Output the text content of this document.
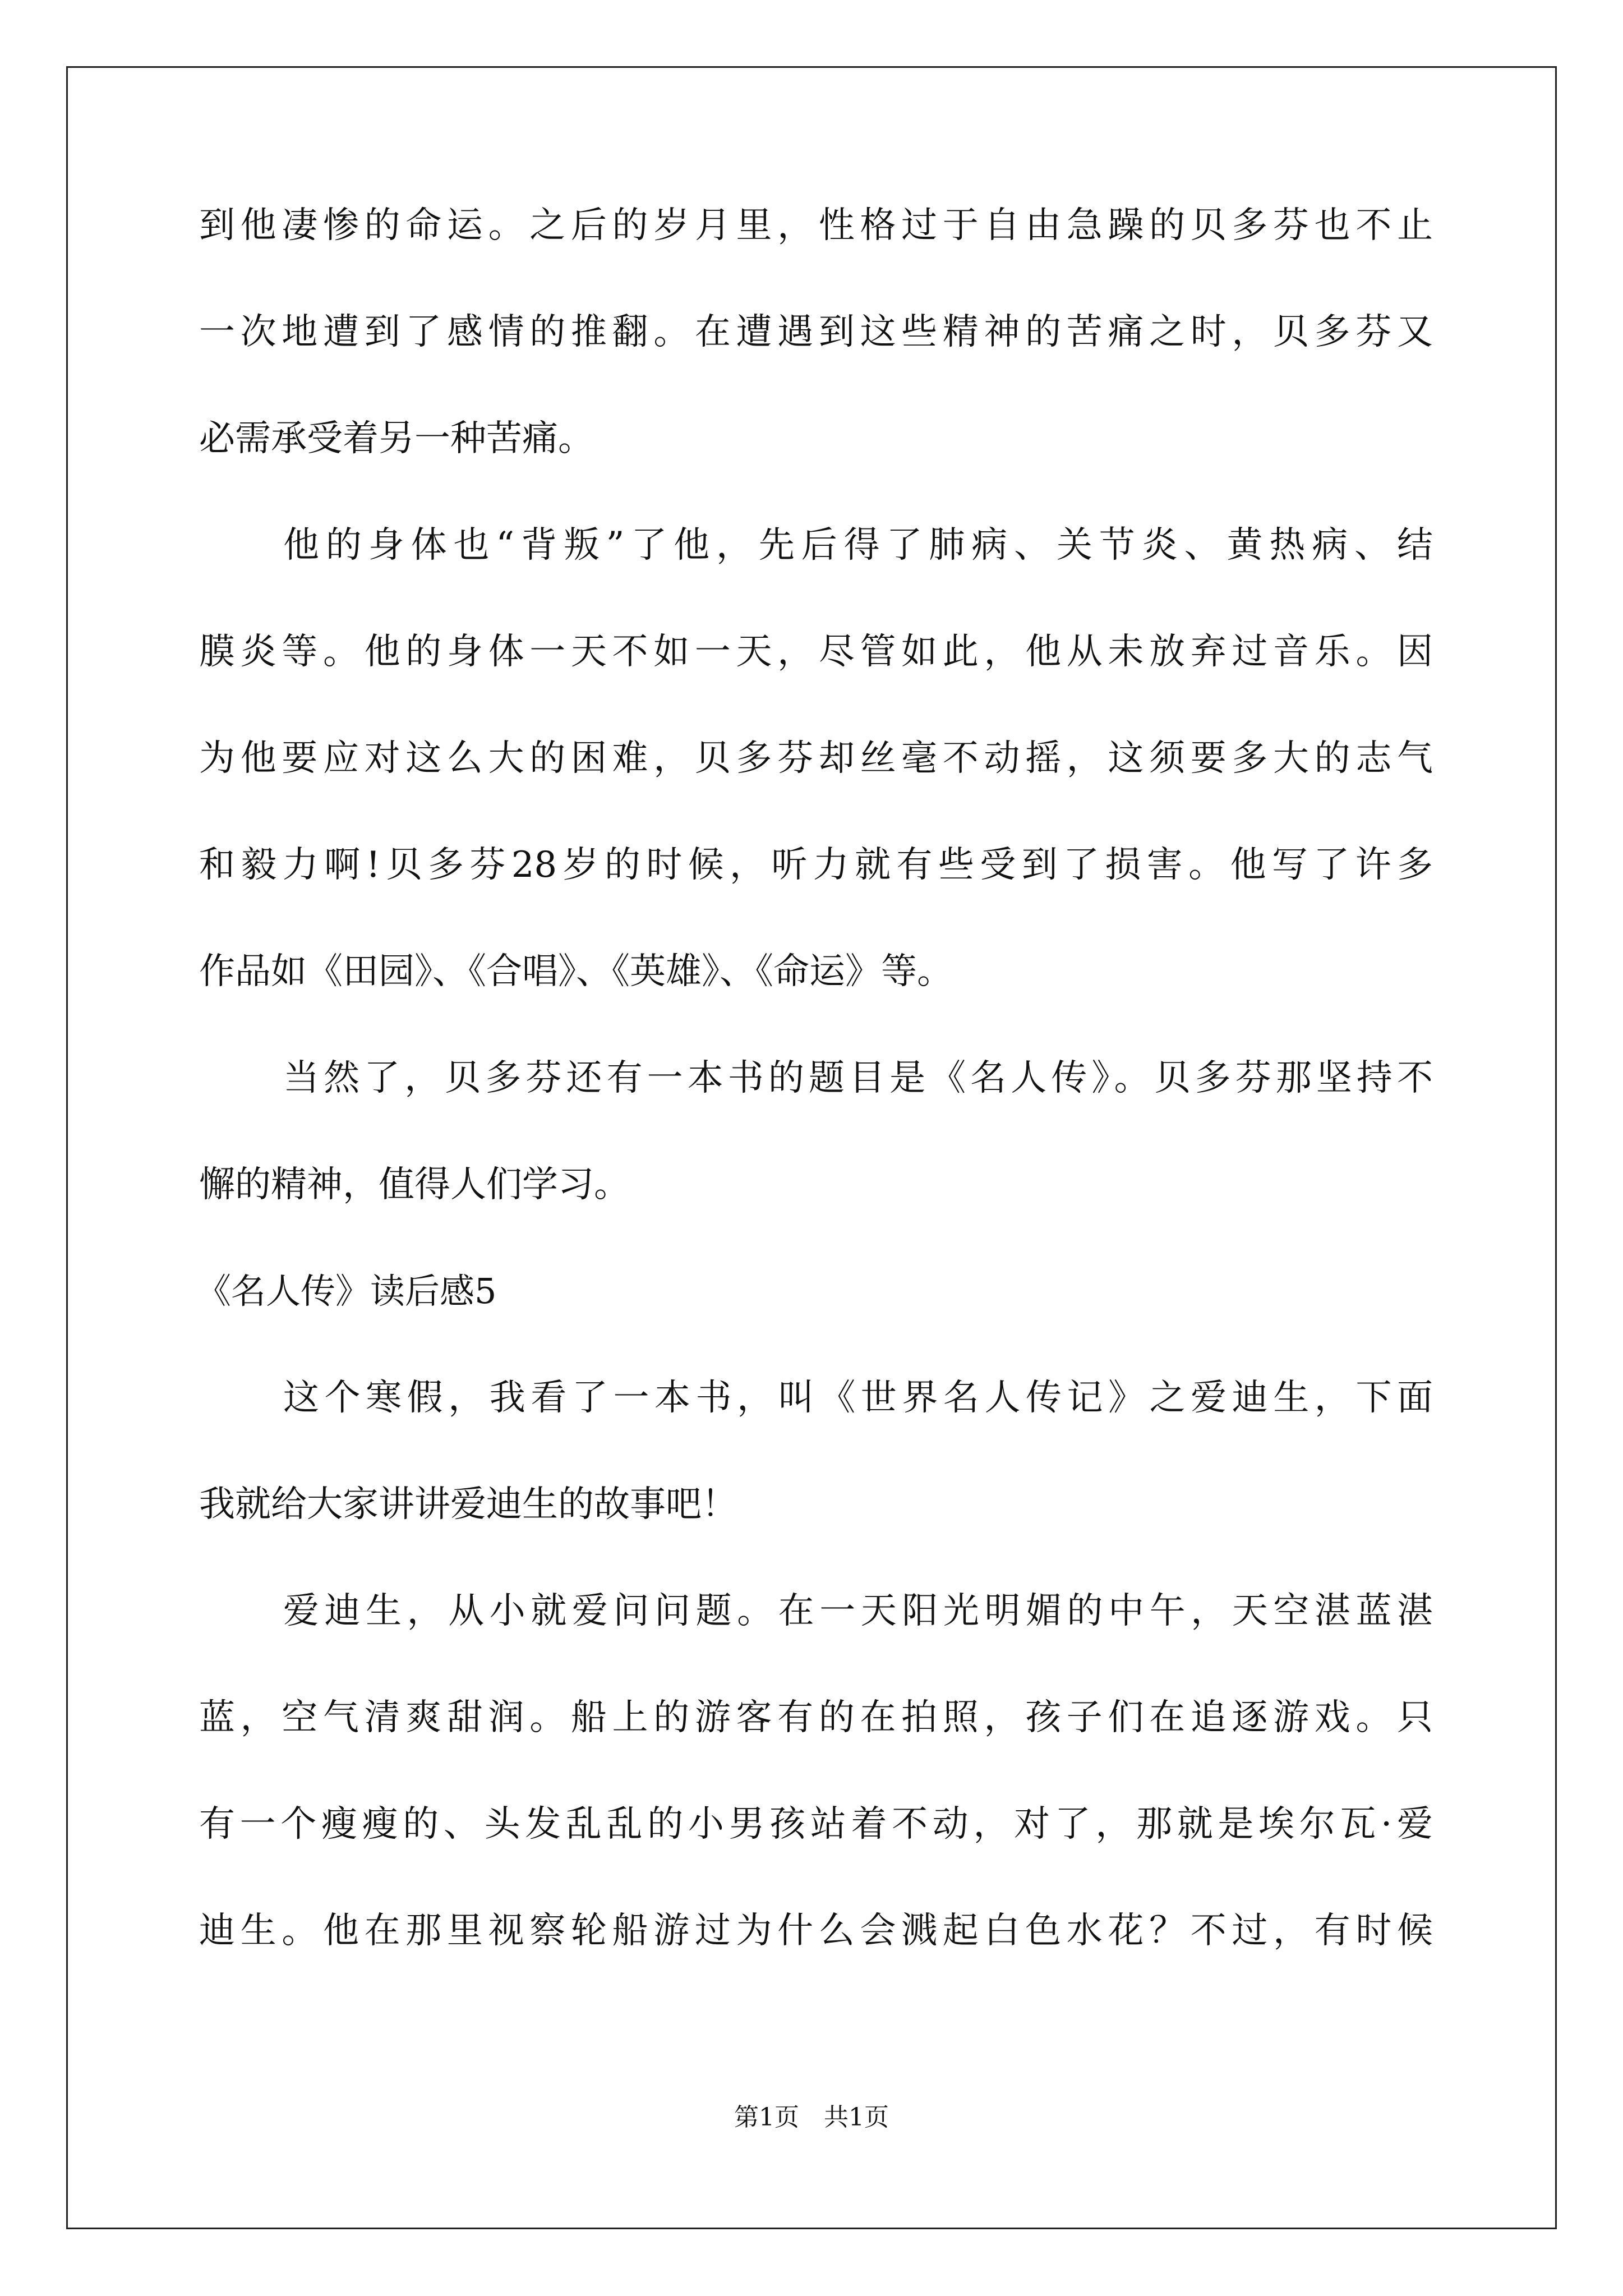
到他凄惨的命运。之后的岁月里，性格过于自由急躁的贝多芬也不止
一次地遭到了感情的推翻。在遭遇到这些精神的苦痛之时，贝多芬又
必需承受着另一种苦痛。
他的身体也“背叛”了他，先后得了肺病、关节炎、黄热病、结
膜炎等。他的身体一天不如一天，尽管如此，他从未放弃过音乐。因
为他要应对这么大的困难，贝多芬却丝毫不动摇，这须要多大的志气
和毅力啊!贝多芬28岁的时候，听力就有些受到了损害。他写了许多
作品如《田园》、《合唱》、《英雄》、《命运》等。
当然了，贝多芬还有一本书的题目是《名人传》。贝多芬那坚持不
懈的精神，值得人们学习。
《名人传》读后感5
这个寒假，我看了一本书，叫《世界名人传记》之爱迪生，下面
我就给大家讲讲爱迪生的故事吧！
爱迪生，从小就爱问问题。在一天阳光明媚的中午，天空湛蓝湛
蓝，空气清爽甜润。船上的游客有的在拍照，孩子们在追逐游戏。只
有一个瘦瘦的、头发乱乱的小男孩站着不动，对了，那就是埃尔瓦·爱
迪生。他在那里视察轮船游过为什么会溅起白色水花？不过，有时候
第1页　共1页
